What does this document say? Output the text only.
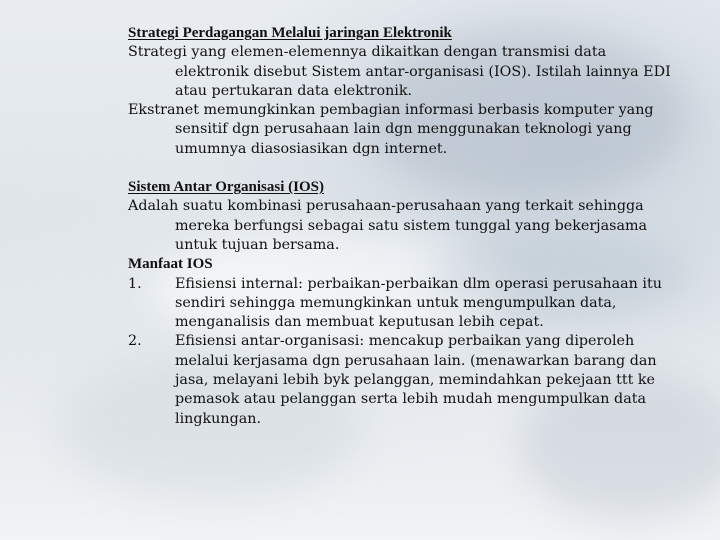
Strategi Perdagangan Melalui jaringan Elektronik

Strategi yang elemen-elemennya dikaitkan dengan transmisi data elektronik disebut Sistem antar-organisasi (IOS). Istilah lainnya EDI atau pertukaran data elektronik.

Ekstranet memungkinkan pembagian informasi berbasis komputer yang sensitif dgn perusahaan lain dgn menggunakan teknologi yang umumnya diasosiasikan dgn internet.

Sistem Antar Organisasi (IOS)

Adalah suatu kombinasi perusahaan-perusahaan yang terkait sehingga mereka berfungsi sebagai satu sistem tunggal yang bekerjasama untuk tujuan bersama.

Manfaat IOS
1.	Efisiensi internal: perbaikan-perbaikan dlm operasi perusahaan itu sendiri sehingga memungkinkan untuk mengumpulkan data, menganalisis dan membuat keputusan lebih cepat.
2.	Efisiensi antar-organisasi: mencakup perbaikan yang diperoleh melalui kerjasama dgn perusahaan lain. (menawarkan barang dan jasa, melayani lebih byk pelanggan, memindahkan pekejaan ttt ke pemasok atau pelanggan serta lebih mudah mengumpulkan data lingkungan.
